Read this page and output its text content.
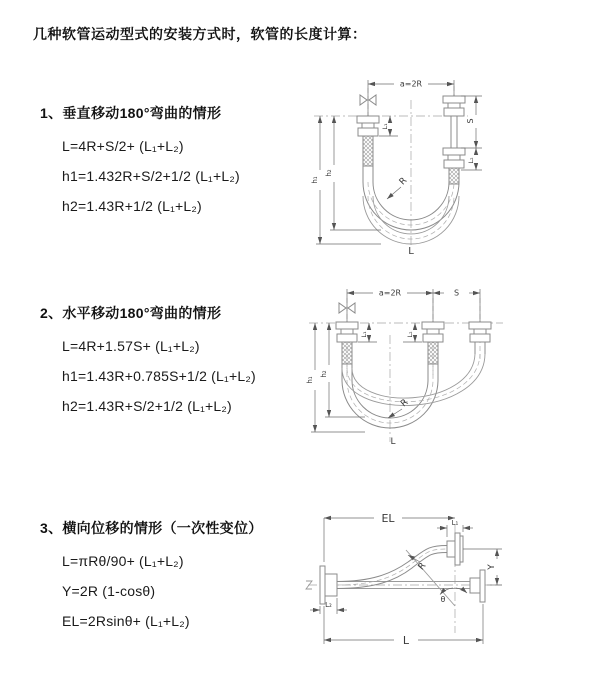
几种软管运动型式的安装方式时，软管的长度计算：
1、垂直移动180°弯曲的情形
L=4R+S/2+ (L₁+L₂)
h1=1.432R+S/2+1/2 (L₁+L₂)
h2=1.43R+1/2 (L₁+L₂)
2、水平移动180°弯曲的情形
L=4R+1.57S+ (L₁+L₂)
h1=1.43R+0.785S+1/2 (L₁+L₂)
h2=1.43R+S/2+1/2 (L₁+L₂)
3、横向位移的情形（一次性变位）
L=πRθ/90+ (L₁+L₂)
Y=2R (1-cosθ)
EL=2Rsinθ+ (L₁+L₂)
a=2R
S
L₂
L₁
h₁
h₂
R
L
a=2R	S
L₁	L₂
h₁
h₂
R
L
EL	L₁
L₂
Y
L
R
θ
